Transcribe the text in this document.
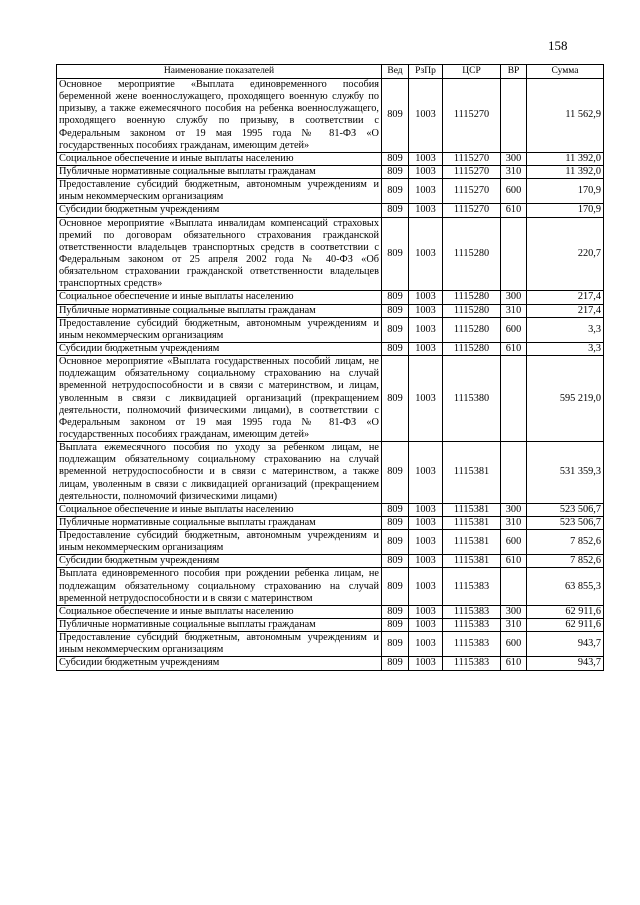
158
Наименование показателей	Вед	РзПр	ЦСР	ВР	Сумма
Основное мероприятие «Выплата единовременного пособия беременной жене военнослужащего, проходящего военную службу по призыву, а также ежемесячного пособия на ребенка военнослужащего, проходящего военную службу по призыву, в соответствии с Федеральным законом от 19 мая 1995 года № 81-ФЗ «О государственных пособиях гражданам, имеющим детей»	809	1003	1115270		11 562,9
Социальное обеспечение и иные выплаты населению	809	1003	1115270	300	11 392,0
Публичные нормативные социальные выплаты гражданам	809	1003	1115270	310	11 392,0
Предоставление субсидий бюджетным, автономным учреждениям и иным некоммерческим организациям	809	1003	1115270	600	170,9
Субсидии бюджетным учреждениям	809	1003	1115270	610	170,9
Основное мероприятие «Выплата инвалидам компенсаций страховых премий по договорам обязательного страхования гражданской ответственности владельцев транспортных средств в соответствии с Федеральным законом от 25 апреля 2002 года № 40-ФЗ «Об обязательном страховании гражданской ответственности владельцев транспортных средств»	809	1003	1115280		220,7
Социальное обеспечение и иные выплаты населению	809	1003	1115280	300	217,4
Публичные нормативные социальные выплаты гражданам	809	1003	1115280	310	217,4
Предоставление субсидий бюджетным, автономным учреждениям и иным некоммерческим организациям	809	1003	1115280	600	3,3
Субсидии бюджетным учреждениям	809	1003	1115280	610	3,3
Основное мероприятие «Выплата государственных пособий лицам, не подлежащим обязательному социальному страхованию на случай временной нетрудоспособности и в связи с материнством, и лицам, уволенным в связи с ликвидацией организаций (прекращением деятельности, полномочий физическими лицами), в соответствии с Федеральным законом от 19 мая 1995 года № 81-ФЗ «О государственных пособиях гражданам, имеющим детей»	809	1003	1115380		595 219,0
Выплата ежемесячного пособия по уходу за ребенком лицам, не подлежащим обязательному социальному страхованию на случай временной нетрудоспособности и в связи с материнством, а также лицам, уволенным в связи с ликвидацией организаций (прекращением деятельности, полномочий физическими лицами)	809	1003	1115381		531 359,3
Социальное обеспечение и иные выплаты населению	809	1003	1115381	300	523 506,7
Публичные нормативные социальные выплаты гражданам	809	1003	1115381	310	523 506,7
Предоставление субсидий бюджетным, автономным учреждениям и иным некоммерческим организациям	809	1003	1115381	600	7 852,6
Субсидии бюджетным учреждениям	809	1003	1115381	610	7 852,6
Выплата единовременного пособия при рождении ребенка лицам, не подлежащим обязательному социальному страхованию на случай временной нетрудоспособности и в связи с материнством	809	1003	1115383		63 855,3
Социальное обеспечение и иные выплаты населению	809	1003	1115383	300	62 911,6
Публичные нормативные социальные выплаты гражданам	809	1003	1115383	310	62 911,6
Предоставление субсидий бюджетным, автономным учреждениям и иным некоммерческим организациям	809	1003	1115383	600	943,7
Субсидии бюджетным учреждениям	809	1003	1115383	610	943,7
